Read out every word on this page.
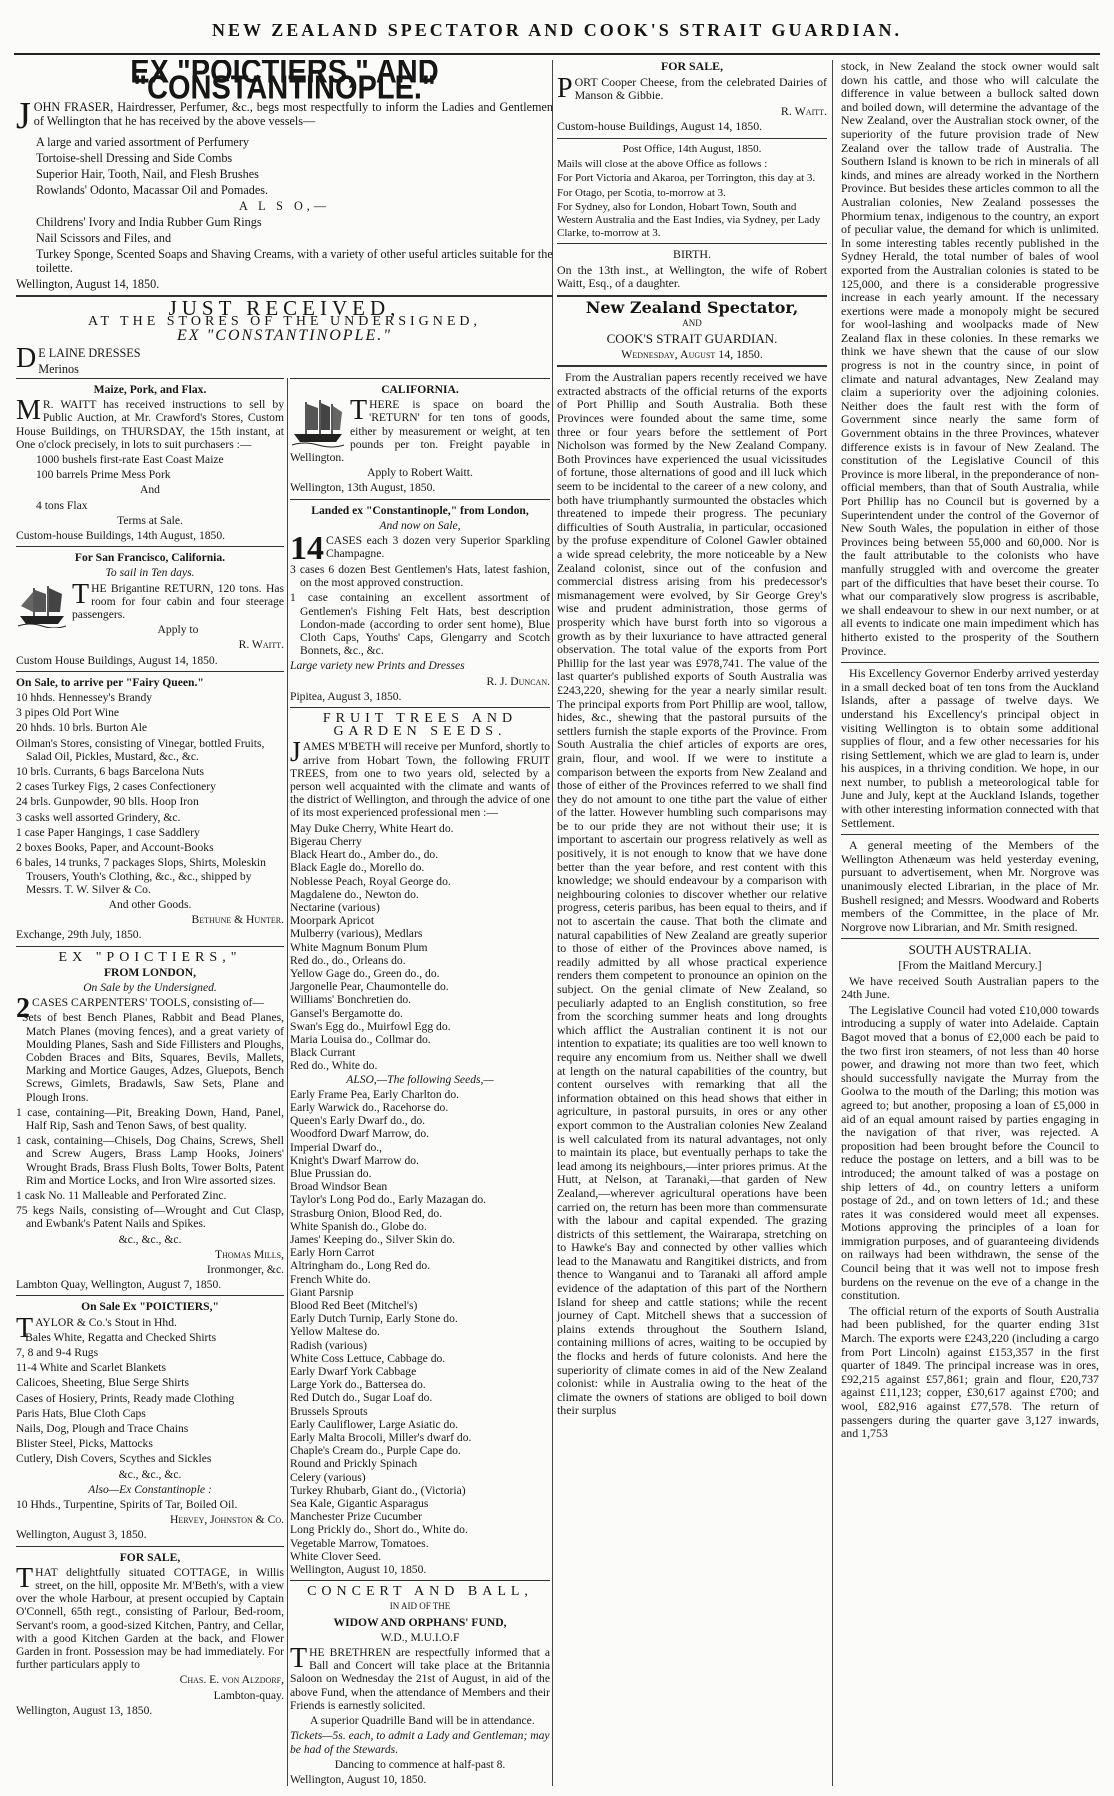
NEW ZEALAND SPECTATOR AND COOK'S STRAIT GUARDIAN.
EX "POICTIERS," AND "CONSTANTINOPLE."

JOHN FRASER, Hairdresser, Perfumer, &c., begs most respectfully to inform the Ladies and Gentlemen of Wellington that he has received by the above vessels—

A large and varied assortment of Perfumery

Tortoise-shell Dressing and Side Combs

Superior Hair, Tooth, Nail, and Flesh Brushes

Rowlands' Odonto, Macassar Oil and Pomades.

A L S O,—

Childrens' Ivory and India Rubber Gum Rings

Nail Scissors and Files, and

Turkey Sponge, Scented Soaps and Shaving Creams, with a variety of other useful articles suitable for the toilette.

Wellington, August 14, 1850.

JUST RECEIVED,
AT THE STORES OF THE UNDERSIGNED,
EX "CONSTANTINOPLE."

D E LAINE DRESSES

Merinos

Maize, Pork, and Flax.

M R. WAITT has received instructions to sell by Public Auction, at Mr. Crawford's Stores, Custom House Buildings, on THURSDAY, the 15th instant, at One o'clock precisely, in lots to suit purchasers :—

1000 bushels first-rate East Coast Maize

100 barrels Prime Mess Pork

And

4 tons Flax

Terms at Sale.

Custom-house Buildings, 14th August, 1850.

For San Francisco, California.

To sail in Ten days.

THE Brigantine RETURN, 120 tons. Has room for four cabin and four steerage passengers.

Apply to

R. Waitt.

Custom House Buildings, August 14, 1850.

On Sale, to arrive per "Fairy Queen."

10 hhds. Hennessey's Brandy

3 pipes Old Port Wine

20 hhds. 10 brls. Burton Ale

Oilman's Stores, consisting of Vinegar, bottled Fruits, Salad Oil, Pickles, Mustard, &c., &c.

10 brls. Currants, 6 bags Barcelona Nuts

2 cases Turkey Figs, 2 cases Confectionery

24 brls. Gunpowder, 90 blls. Hoop Iron

3 casks well assorted Grindery, &c.

1 case Paper Hangings, 1 case Saddlery

2 boxes Books, Paper, and Account-Books

6 bales, 14 trunks, 7 packages Slops, Shirts, Moleskin Trousers, Youth's Clothing, &c., &c., shipped by Messrs. T. W. Silver & Co.

And other Goods.

Bethune & Hunter.

Exchange, 29th July, 1850.

EX "POICTIERS,"

FROM LONDON,

On Sale by the Undersigned.

2 CASES CARPENTERS' TOOLS, consisting of—

Sets of best Bench Planes, Rabbit and Bead Planes, Match Planes (moving fences), and a great variety of Moulding Planes, Sash and Side Fillisters and Ploughs, Cobden Braces and Bits, Squares, Bevils, Mallets, Marking and Mortice Gauges, Adzes, Gluepots, Bench Screws, Gimlets, Bradawls, Saw Sets, Plane and Plough Irons.

1 case, containing—Pit, Breaking Down, Hand, Panel, Half Rip, Sash and Tenon Saws, of best quality.

1 cask, containing—Chisels, Dog Chains, Screws, Shell and Screw Augers, Brass Lamp Hooks, Joiners' Wrought Brads, Brass Flush Bolts, Tower Bolts, Patent Rim and Mortice Locks, and Iron Wire assorted sizes.

1 cask No. 11 Malleable and Perforated Zinc.

75 kegs Nails, consisting of—Wrought and Cut Clasp, and Ewbank's Patent Nails and Spikes.

&c., &c., &c.

Thomas Mills,

Ironmonger, &c.

Lambton Quay, Wellington, August 7, 1850.

On Sale Ex "POICTIERS,"

TAYLOR & Co.'s Stout in Hhd.

Bales White, Regatta and Checked Shirts

7, 8 and 9-4 Rugs

11-4 White and Scarlet Blankets

Calicoes, Sheeting, Blue Serge Shirts

Cases of Hosiery, Prints, Ready made Clothing

Paris Hats, Blue Cloth Caps

Nails, Dog, Plough and Trace Chains

Blister Steel, Picks, Mattocks

Cutlery, Dish Covers, Scythes and Sickles

&c., &c., &c.

Also—Ex Constantinople :

10 Hhds., Turpentine, Spirits of Tar, Boiled Oil.

Hervey, Johnston & Co.

Wellington, August 3, 1850.

FOR SALE,

THAT delightfully situated COTTAGE, in Willis street, on the hill, opposite Mr. M'Beth's, with a view over the whole Harbour, at present occupied by Captain O'Connell, 65th regt., consisting of Parlour, Bed-room, Servant's room, a good-sized Kitchen, Pantry, and Cellar, with a good Kitchen Garden at the back, and Flower Garden in front. Possession may be had immediately. For further particulars apply to

Chas. E. von Alzdorf,

Lambton-quay.

Wellington, August 13, 1850.

CALIFORNIA.

THERE is space on board the 'RETURN' for ten tons of goods, either by measurement or weight, at ten pounds per ton. Freight payable in Wellington.

Apply to Robert Waitt.

Wellington, 13th August, 1850.

Landed ex "Constantinople," from London,

And now on Sale,

14 CASES each 3 dozen very Superior Sparkling Champagne.

3 cases 6 dozen Best Gentlemen's Hats, latest fashion, on the most approved construction.

1 case containing an excellent assortment of Gentlemen's Fishing Felt Hats, best description London-made (according to order sent home), Blue Cloth Caps, Youths' Caps, Glengarry and Scotch Bonnets, &c., &c.

Large variety new Prints and Dresses

R. J. Duncan.

Pipitea, August 3, 1850.

FRUIT TREES AND GARDEN SEEDS.

JAMES M'BETH will receive per Munford, shortly to arrive from Hobart Town, the following FRUIT TREES, from one to two years old, selected by a person well acquainted with the climate and wants of the district of Wellington, and through the advice of one of its most experienced professional men :—

May Duke Cherry, White Heart do.

Bigerau Cherry

Black Heart do., Amber do., do.

Black Eagle do., Morello do.

Noblesse Peach, Royal George do.

Magdalene do., Newton do.

Nectarine (various)

Moorpark Apricot

Mulberry (various), Medlars

White Magnum Bonum Plum

Red do., do., Orleans do.

Yellow Gage do., Green do., do.

Jargonelle Pear, Chaumontelle do.

Williams' Bonchretien do.

Gansel's Bergamotte do.

Swan's Egg do., Muirfowl Egg do.

Maria Louisa do., Collmar do.

Black Currant

Red do., White do.

ALSO,—The following Seeds,—

Early Frame Pea, Early Charlton do.

Early Warwick do., Racehorse do.

Queen's Early Dwarf do., do.

Woodford Dwarf Marrow, do.

Imperial Dwarf do.,

Knight's Dwarf Marrow do.

Blue Prussian do.

Broad Windsor Bean

Taylor's Long Pod do., Early Mazagan do.

Strasburg Onion, Blood Red, do.

White Spanish do., Globe do.

James' Keeping do., Silver Skin do.

Early Horn Carrot

Altringham do., Long Red do.

French White do.

Giant Parsnip

Blood Red Beet (Mitchel's)

Early Dutch Turnip, Early Stone do.

Yellow Maltese do.

Radish (various)

White Coss Lettuce, Cabbage do.

Early Dwarf York Cabbage

Large York do., Battersea do.

Red Dutch do., Sugar Loaf do.

Brussels Sprouts

Early Cauliflower, Large Asiatic do.

Early Malta Brocoli, Miller's dwarf do.

Chaple's Cream do., Purple Cape do.

Round and Prickly Spinach

Celery (various)

Turkey Rhubarb, Giant do., (Victoria)

Sea Kale, Gigantic Asparagus

Manchester Prize Cucumber

Long Prickly do., Short do., White do.

Vegetable Marrow, Tomatoes.

White Clover Seed.

Wellington, August 10, 1850.

CONCERT AND BALL,

IN AID OF THE

WIDOW AND ORPHANS' FUND,

W.D., M.U.I.O.F

THE BRETHREN are respectfully informed that a Ball and Concert will take place at the Britannia Saloon on Wednesday the 21st of August, in aid of the above Fund, when the attendance of Members and their Friends is earnestly solicited.

A superior Quadrille Band will be in attendance.

Tickets—5s. each, to admit a Lady and Gentleman; may be had of the Stewards.

Dancing to commence at half-past 8.

Wellington, August 10, 1850.

FOR SALE,

PORT Cooper Cheese, from the celebrated Dairies of Manson & Gibbie.

R. Waitt.

Custom-house Buildings, August 14, 1850.

Post Office, 14th August, 1850.

Mails will close at the above Office as follows :

For Port Victoria and Akaroa, per Torrington, this day at 3.

For Otago, per Scotia, to-morrow at 3.

For Sydney, also for London, Hobart Town, South and Western Australia and the East Indies, via Sydney, per Lady Clarke, to-morrow at 3.

BIRTH.

On the 13th inst., at Wellington, the wife of Robert Waitt, Esq., of a daughter.

New Zealand Spectator,

AND

COOK'S STRAIT GUARDIAN.

Wednesday, August 14, 1850.

From the Australian papers recently received we have extracted abstracts of the official returns of the exports of Port Phillip and South Australia. Both these Provinces were founded about the same time, some three or four years before the settlement of Port Nicholson was formed by the New Zealand Company. Both Provinces have experienced the usual vicissitudes of fortune, those alternations of good and ill luck which seem to be incidental to the career of a new colony, and both have triumphantly surmounted the obstacles which threatened to impede their progress. The pecuniary difficulties of South Australia, in particular, occasioned by the profuse expenditure of Colonel Gawler obtained a wide spread celebrity, the more noticeable by a New Zealand colonist, since out of the confusion and commercial distress arising from his predecessor's mismanagement were evolved, by Sir George Grey's wise and prudent administration, those germs of prosperity which have burst forth into so vigorous a growth as by their luxuriance to have attracted general observation. The total value of the exports from Port Phillip for the last year was £978,741. The value of the last quarter's published exports of South Australia was £243,220, shewing for the year a nearly similar result. The principal exports from Port Phillip are wool, tallow, hides, &c., shewing that the pastoral pursuits of the settlers furnish the staple exports of the Province. From South Australia the chief articles of exports are ores, grain, flour, and wool. If we were to institute a comparison between the exports from New Zealand and those of either of the Provinces referred to we shall find they do not amount to one tithe part the value of either of the latter. However humbling such comparisons may be to our pride they are not without their use; it is important to ascertain our progress relatively as well as positively, it is not enough to know that we have done better than the year before, and rest content with this knowledge; we should endeavour by a comparison with neighbouring colonies to discover whether our relative progress, ceteris paribus, has been equal to theirs, and if not to ascertain the cause. That both the climate and natural capabilities of New Zealand are greatly superior to those of either of the Provinces above named, is readily admitted by all whose practical experience renders them competent to pronounce an opinion on the subject. On the genial climate of New Zealand, so peculiarly adapted to an English constitution, so free from the scorching summer heats and long droughts which afflict the Australian continent it is not our intention to expatiate; its qualities are too well known to require any encomium from us. Neither shall we dwell at length on the natural capabilities of the country, but content ourselves with remarking that all the information obtained on this head shows that either in agriculture, in pastoral pursuits, in ores or any other export common to the Australian colonies New Zealand is well calculated from its natural advantages, not only to maintain its place, but eventually perhaps to take the lead among its neighbours,—inter priores primus. At the Hutt, at Nelson, at Taranaki,—that garden of New Zealand,—wherever agricultural operations have been carried on, the return has been more than commensurate with the labour and capital expended. The grazing districts of this settlement, the Wairarapa, stretching on to Hawke's Bay and connected by other vallies which lead to the Manawatu and Rangitikei districts, and from thence to Wanganui and to Taranaki all afford ample evidence of the adaptation of this part of the Northern Island for sheep and cattle stations; while the recent journey of Capt. Mitchell shews that a succession of plains extends throughout the Southern Island, containing millions of acres, waiting to be occupied by the flocks and herds of future colonists. And here the superiority of climate comes in aid of the New Zealand colonist: while in Australia owing to the heat of the climate the owners of stations are obliged to boil down their surplus

stock, in New Zealand the stock owner would salt down his cattle, and those who will calculate the difference in value between a bullock salted down and boiled down, will determine the advantage of the New Zealand, over the Australian stock owner, of the superiority of the future provision trade of New Zealand over the tallow trade of Australia. The Southern Island is known to be rich in minerals of all kinds, and mines are already worked in the Northern Province. But besides these articles common to all the Australian colonies, New Zealand possesses the Phormium tenax, indigenous to the country, an export of peculiar value, the demand for which is unlimited. In some interesting tables recently published in the Sydney Herald, the total number of bales of wool exported from the Australian colonies is stated to be 125,000, and there is a considerable progressive increase in each yearly amount. If the necessary exertions were made a monopoly might be secured for wool-lashing and woolpacks made of New Zealand flax in these colonies. In these remarks we think we have shewn that the cause of our slow progress is not in the country since, in point of climate and natural advantages, New Zealand may claim a superiority over the adjoining colonies. Neither does the fault rest with the form of Government since nearly the same form of Government obtains in the three Provinces, whatever difference exists is in favour of New Zealand. The constitution of the Legislative Council of this Province is more liberal, in the preponderance of non-official members, than that of South Australia, while Port Phillip has no Council but is governed by a Superintendent under the control of the Governor of New South Wales, the population in either of those Provinces being between 55,000 and 60,000. Nor is the fault attributable to the colonists who have manfully struggled with and overcome the greater part of the difficulties that have beset their course. To what our comparatively slow progress is ascribable, we shall endeavour to shew in our next number, or at all events to indicate one main impediment which has hitherto existed to the prosperity of the Southern Province.

His Excellency Governor Enderby arrived yesterday in a small decked boat of ten tons from the Auckland Islands, after a passage of twelve days. We understand his Excellency's principal object in visiting Wellington is to obtain some additional supplies of flour, and a few other necessaries for his rising Settlement, which we are glad to learn is, under his auspices, in a thriving condition. We hope, in our next number, to publish a meteorological table for June and July, kept at the Auckland Islands, together with other interesting information connected with that Settlement.

A general meeting of the Members of the Wellington Athenæum was held yesterday evening, pursuant to advertisement, when Mr. Norgrove was unanimously elected Librarian, in the place of Mr. Bushell resigned; and Messrs. Woodward and Roberts members of the Committee, in the place of Mr. Norgrove now Librarian, and Mr. Smith resigned.

SOUTH AUSTRALIA.

[From the Maitland Mercury.]

We have received South Australian papers to the 24th June.

The Legislative Council had voted £10,000 towards introducing a supply of water into Adelaide. Captain Bagot moved that a bonus of £2,000 each be paid to the two first iron steamers, of not less than 40 horse power, and drawing not more than two feet, which should successfully navigate the Murray from the Goolwa to the mouth of the Darling; this motion was agreed to; but another, proposing a loan of £5,000 in aid of an equal amount raised by parties engaging in the navigation of that river, was rejected. A proposition had been brought before the Council to reduce the postage on letters, and a bill was to be introduced; the amount talked of was a postage on ship letters of 4d., on country letters a uniform postage of 2d., and on town letters of 1d.; and these rates it was considered would meet all expenses. Motions approving the principles of a loan for immigration purposes, and of guaranteeing dividends on railways had been withdrawn, the sense of the Council being that it was well not to impose fresh burdens on the revenue on the eve of a change in the constitution.

The official return of the exports of South Australia had been published, for the quarter ending 31st March. The exports were £243,220 (including a cargo from Port Lincoln) against £153,357 in the first quarter of 1849. The principal increase was in ores, £92,215 against £57,861; grain and flour, £20,737 against £11,123; copper, £30,617 against £700; and wool, £82,916 against £77,578. The return of passengers during the quarter gave 3,127 inwards, and 1,753
